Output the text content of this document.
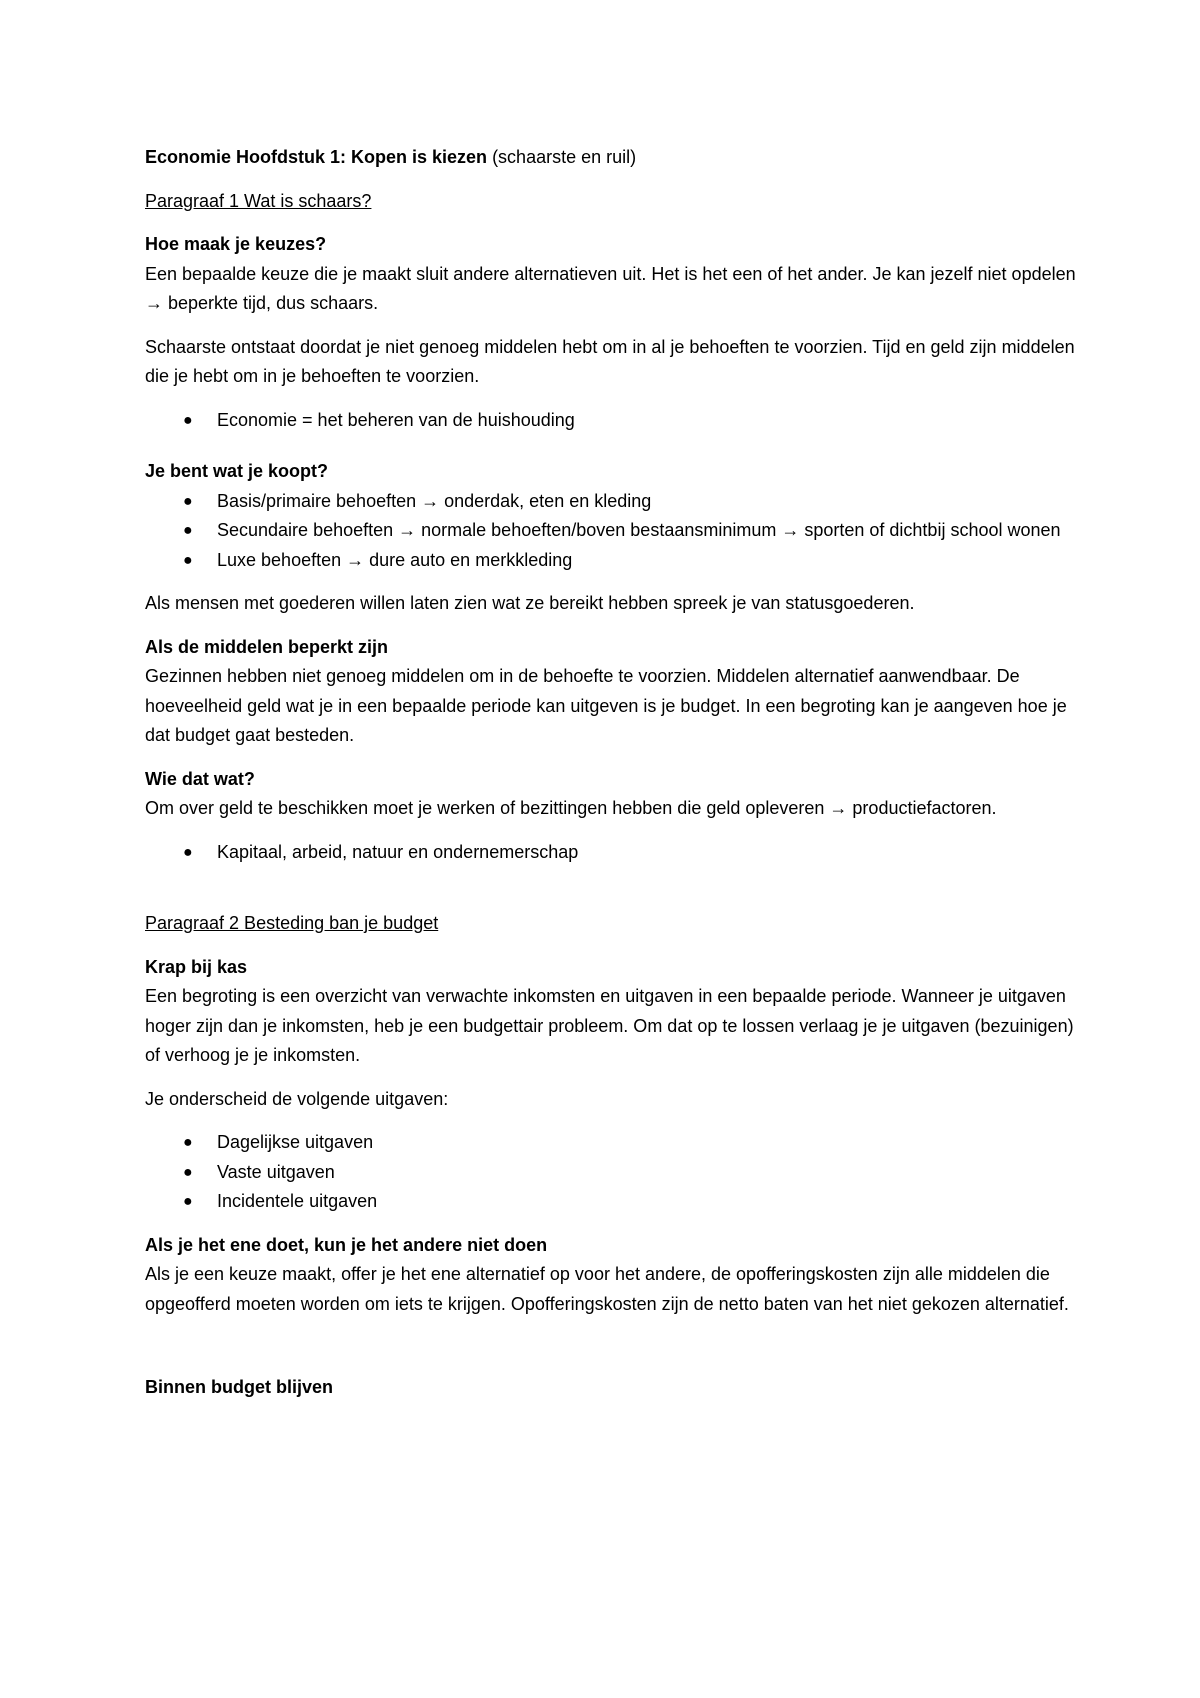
Economie Hoofdstuk 1: Kopen is kiezen (schaarste en ruil)
Paragraaf 1 Wat is schaars?
Hoe maak je keuzes?
Een bepaalde keuze die je maakt sluit andere alternatieven uit. Het is het een of het ander. Je kan jezelf niet opdelen → beperkte tijd, dus schaars.

Schaarste ontstaat doordat je niet genoeg middelen hebt om in al je behoeften te voorzien. Tijd en geld zijn middelen die je hebt om in je behoeften te voorzien.

● Economie = het beheren van de huishouding
Je bent wat je koopt?
● Basis/primaire behoeften → onderdak, eten en kleding
● Secundaire behoeften → normale behoeften/boven bestaansminimum → sporten of dichtbij school wonen
● Luxe behoeften → dure auto en merkkleding

Als mensen met goederen willen laten zien wat ze bereikt hebben spreek je van statusgoederen.

Als de middelen beperkt zijn
Gezinnen hebben niet genoeg middelen om in de behoefte te voorzien. Middelen alternatief aanwendbaar. De hoeveelheid geld wat je in een bepaalde periode kan uitgeven is je budget. In een begroting kan je aangeven hoe je dat budget gaat besteden.
Wie dat wat?
Om over geld te beschikken moet je werken of bezittingen hebben die geld opleveren → productiefactoren.
● Kapitaal, arbeid, natuur en ondernemerschap
Paragraaf 2 Besteding ban je budget
Krap bij kas
Een begroting is een overzicht van verwachte inkomsten en uitgaven in een bepaalde periode. Wanneer je uitgaven hoger zijn dan je inkomsten, heb je een budgettair probleem. Om dat op te lossen verlaag je je uitgaven (bezuinigen) of verhoog je je inkomsten.

Je onderscheid de volgende uitgaven:

● Dagelijkse uitgaven
● Vaste uitgaven
● Incidentele uitgaven
Als je het ene doet, kun je het andere niet doen
Als je een keuze maakt, offer je het ene alternatief op voor het andere, de opofferingskosten zijn alle middelen die opgeofferd moeten worden om iets te krijgen. Opofferingskosten zijn de netto baten van het niet gekozen alternatief.
Binnen budget blijven
